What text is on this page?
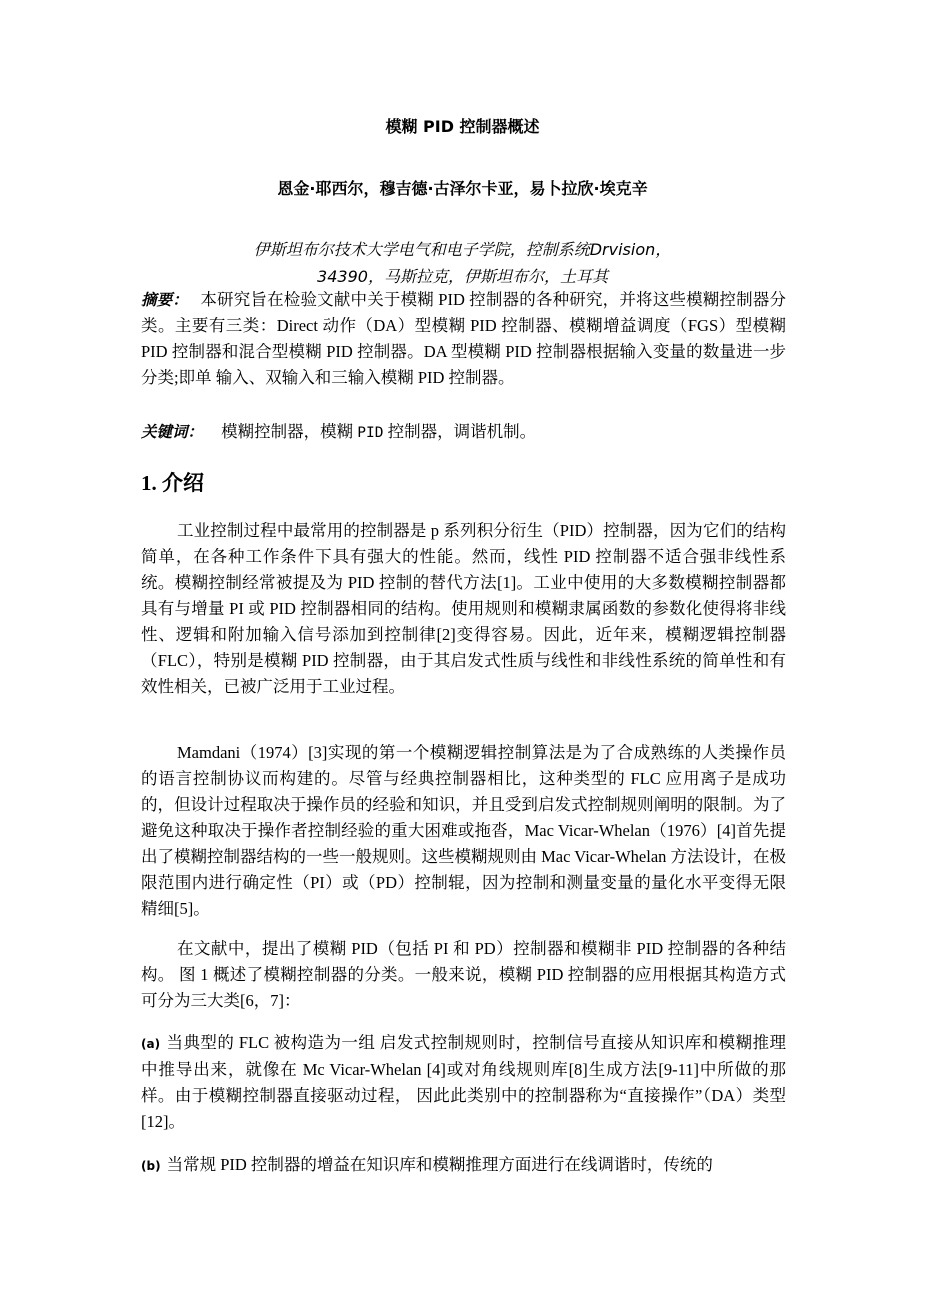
模糊 PID 控制器概述
恩金·耶西尔，穆吉德·古泽尔卡亚，易卜拉欣·埃克辛
伊斯坦布尔技术大学电气和电子学院，控制系统Drvision，
34390，马斯拉克，伊斯坦布尔，土耳其
摘要： 本研究旨在检验文献中关于模糊 PID 控制器的各种研究，并将这些模糊控制器分类。主要有三类：Direct 动作（DA）型模糊 PID 控制器、模糊增益调度（FGS）型模糊 PID 控制器和混合型模糊 PID 控制器。DA 型模糊 PID 控制器根据输入变量的数量进一步分类;即单 输入、双输入和三输入模糊 PID 控制器。
关键词： 模糊控制器，模糊 PID 控制器，调谐机制。
1. 介绍
工业控制过程中最常用的控制器是 p 系列积分衍生（PID）控制器，因为它们的结构简单，在各种工作条件下具有强大的性能。然而，线性 PID 控制器不适合强非线性系统。模糊控制经常被提及为 PID 控制的替代方法[1]。工业中使用的大多数模糊控制器都具有与增量 PI 或 PID 控制器相同的结构。使用规则和模糊隶属函数的参数化使得将非线性、逻辑和附加输入信号添加到控制律[2]变得容易。因此，近年来，模糊逻辑控制器（FLC），特别是模糊 PID 控制器，由于其启发式性质与线性和非线性系统的简单性和有效性相关，已被广泛用于工业过程。
Mamdani（1974）[3]实现的第一个模糊逻辑控制算法是为了合成熟练的人类操作员的语言控制协议而构建的。尽管与经典控制器相比，这种类型的 FLC 应用离子是成功的，但设计过程取决于操作员的经验和知识，并且受到启发式控制规则阐明的限制。为了避免这种取决于操作者控制经验的重大困难或拖沓，Mac Vicar-Whelan（1976）[4]首先提出了模糊控制器结构的一些一般规则。这些模糊规则由 Mac Vicar-Whelan 方法设计，在极限范围内进行确定性（PI）或（PD）控制辊，因为控制和测量变量的量化水平变得无限精细[5]。
在文献中，提出了模糊 PID（包括 PI 和 PD）控制器和模糊非 PID 控制器的各种结构。 图 1 概述了模糊控制器的分类。一般来说，模糊 PID 控制器的应用根据其构造方式可分为三大类[6，7]：
(a) 当典型的 FLC 被构造为一组 启发式控制规则时，控制信号直接从知识库和模糊推理中推导出来，就像在 Mc Vicar-Whelan [4]或对角线规则库[8]生成方法[9-11]中所做的那样。由于模糊控制器直接驱动过程， 因此此类别中的控制器称为“直接操作”（DA）类型[12]。
(b) 当常规 PID 控制器的增益在知识库和模糊推理方面进行在线调谐时，传统的
